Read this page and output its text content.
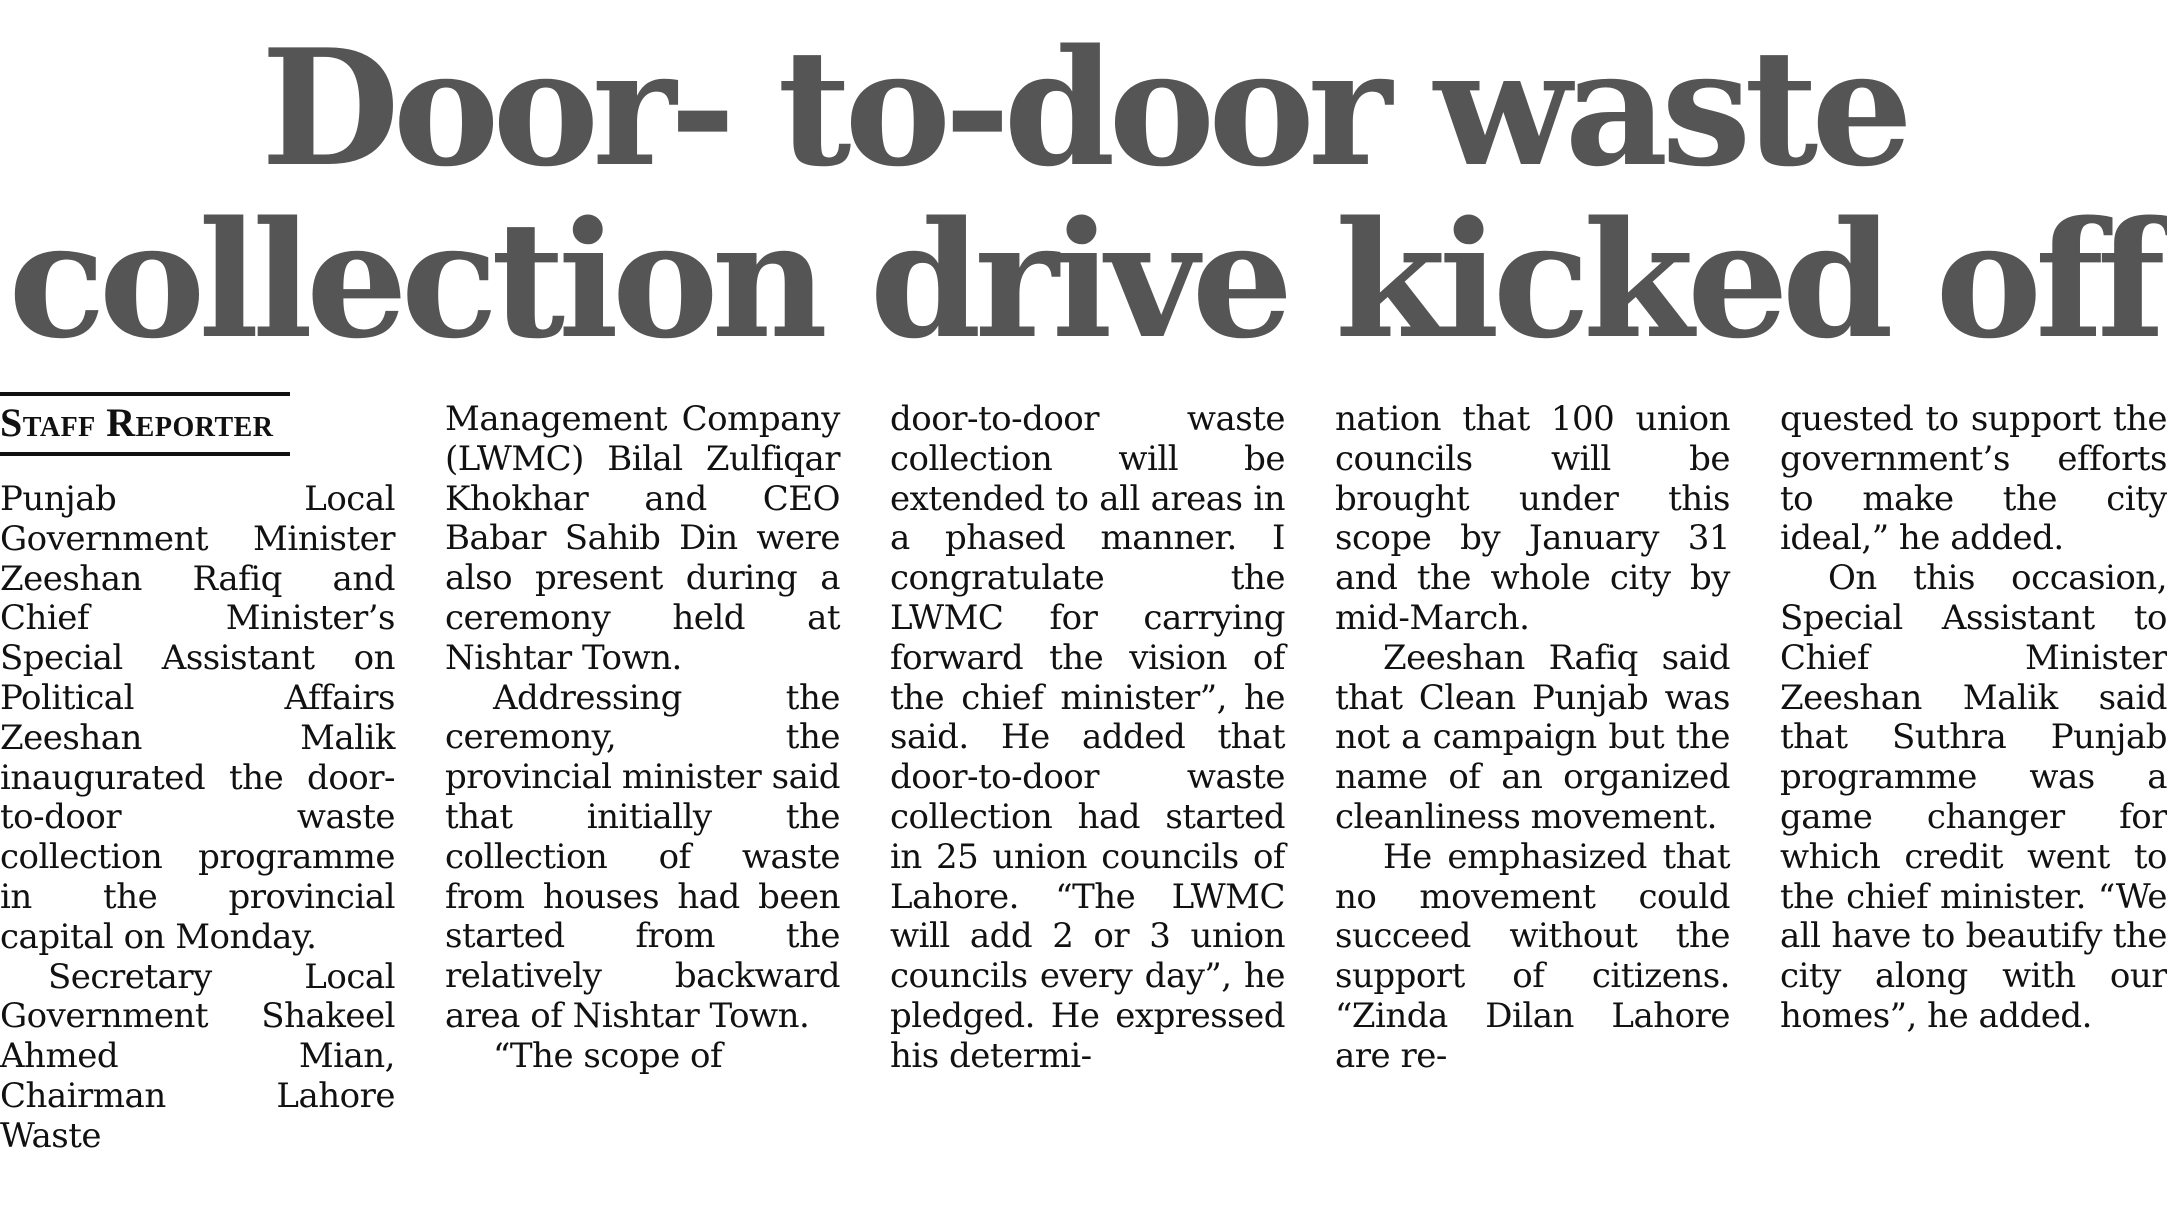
Door- to-door waste
collection drive kicked off
Staff Reporter

Punjab Local Government Minister Zeeshan Rafiq and Chief Minister’s Special Assistant on Political Affairs Zeeshan Malik inaugurated the door-to-door waste collection programme in the provincial capital on Monday.

Secretary Local Government Shakeel Ahmed Mian, Chairman Lahore Waste

Management Company (LWMC) Bilal Zulfiqar Khokhar and CEO Babar Sahib Din were also present during a ceremony held at Nishtar Town.

Addressing the ceremony, the provincial minister said that initially the collection of waste from houses had been started from the relatively backward area of Nishtar Town.

“The scope of

door-to-door waste collection will be extended to all areas in a phased manner. I congratulate the LWMC for carrying forward the vision of the chief minister”, he said. He added that door-to-door waste collection had started in 25 union councils of Lahore. “The LWMC will add 2 or 3 union councils every day”, he pledged. He expressed his determi-

nation that 100 union councils will be brought under this scope by January 31 and the whole city by mid-March.

Zeeshan Rafiq said that Clean Punjab was not a campaign but the name of an organized cleanliness movement.

He emphasized that no movement could succeed without the support of citizens. “Zinda Dilan Lahore are re-

quested to support the government’s efforts to make the city ideal,” he added.

On this occasion, Special Assistant to Chief Minister Zeeshan Malik said that Suthra Punjab programme was a game changer for which credit went to the chief minister. “We all have to beautify the city along with our homes”, he added.
